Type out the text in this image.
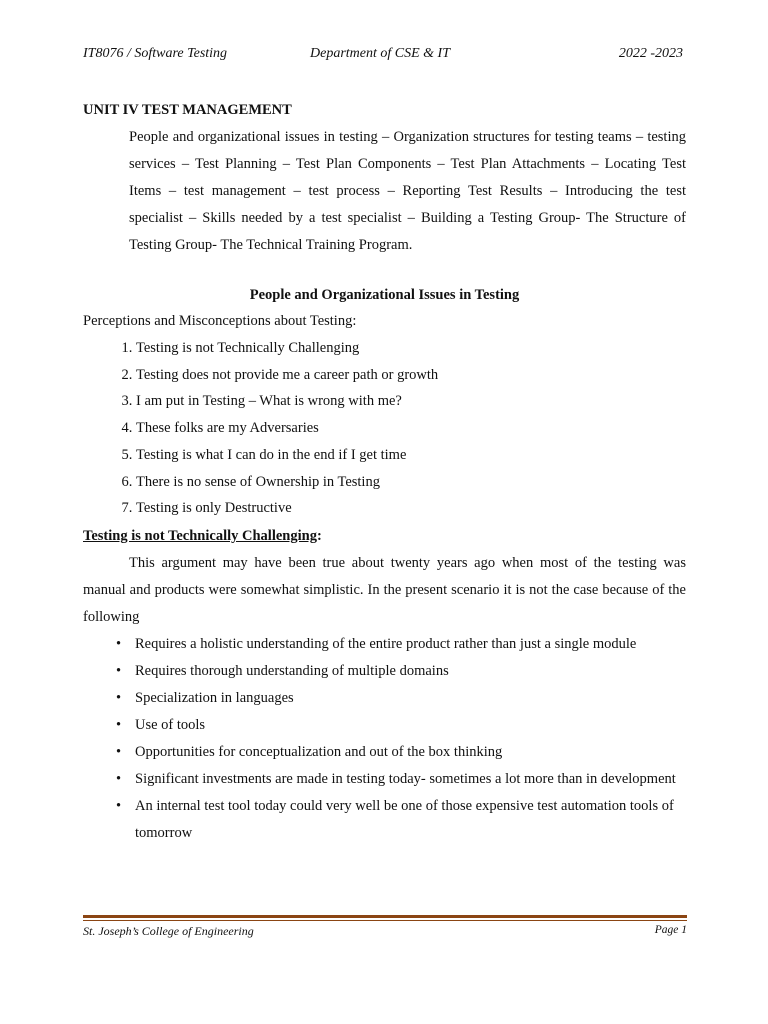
IT8076 / Software Testing	Department of CSE & IT	2022 -2023

UNIT IV TEST MANAGEMENT

People and organizational issues in testing – Organization structures for testing teams – testing services – Test Planning – Test Plan Components – Test Plan Attachments – Locating Test Items – test management – test process – Reporting Test Results – Introducing the test specialist – Skills needed by a test specialist – Building a Testing Group- The Structure of Testing Group- The Technical Training Program.

People and Organizational Issues in Testing

Perceptions and Misconceptions about Testing:

1. Testing is not Technically Challenging
2. Testing does not provide me a career path or growth
3. I am put in Testing – What is wrong with me?
4. These folks are my Adversaries
5. Testing is what I can do in the end if I get time
6. There is no sense of Ownership in Testing
7. Testing is only Destructive

Testing is not Technically Challenging:

This argument may have been true about twenty years ago when most of the testing was manual and products were somewhat simplistic. In the present scenario it is not the case because of the following

• Requires a holistic understanding of the entire product rather than just a single module
• Requires thorough understanding of multiple domains
• Specialization in languages
• Use of tools
• Opportunities for conceptualization and out of the box thinking
• Significant investments are made in testing today- sometimes a lot more than in development
• An internal test tool today could very well be one of those expensive test automation tools of tomorrow
St. Joseph’s College of Engineering	Page 1
